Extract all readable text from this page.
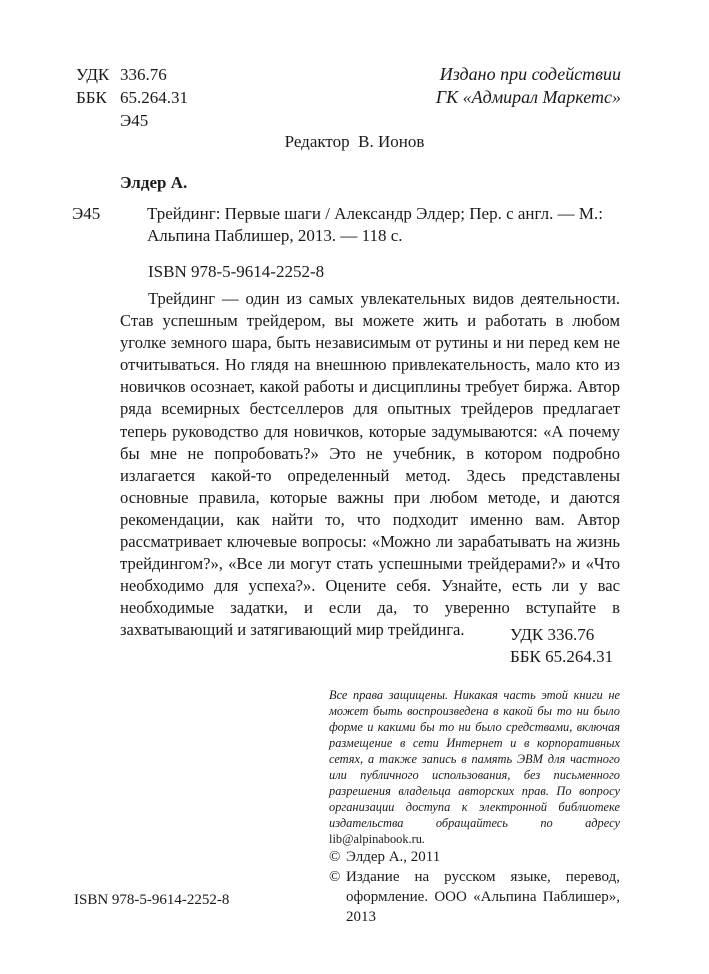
УДК 336.76
ББК 65.264.31
Э45
Издано при содействии
ГК «Адмирал Маркетс»
Редактор  В. Ионов
Элдер А.
Э45	Трейдинг: Первые шаги / Александр Элдер; Пер. с англ. — М.: Альпина Паблишер, 2013. — 118 с.
ISBN 978-5-9614-2252-8
Трейдинг — один из самых увлекательных видов деятельности. Став успешным трейдером, вы можете жить и работать в любом уголке земного шара, быть независимым от рутины и ни перед кем не отчитываться. Но глядя на внешнюю привлекательность, мало кто из новичков осознает, какой работы и дисциплины требует биржа. Автор ряда всемирных бестселлеров для опытных трейдеров предлагает теперь руководство для новичков, которые задумываются: «А почему бы мне не попробовать?» Это не учебник, в котором подробно излагается какой-то определенный метод. Здесь представлены основные правила, которые важны при любом методе, и даются рекомендации, как найти то, что подходит именно вам. Автор рассматривает ключевые вопросы: «Можно ли зарабатывать на жизнь трейдингом?», «Все ли могут стать успешными трейдерами?» и «Что необходимо для успеха?». Оцените себя. Узнайте, есть ли у вас необходимые задатки, и если да, то уверенно вступайте в захватывающий и затягивающий мир трейдинга.	УДК 336.76
ББК 65.264.31
Все права защищены. Никакая часть этой книги не может быть воспроизведена в какой бы то ни было форме и какими бы то ни было средствами, включая размещение в сети Интернет и в корпоративных сетях, а также запись в память ЭВМ для частного или публичного использования, без письменного разрешения владельца авторских прав. По вопросу организации доступа к электронной библиотеке издательства обращайтесь по адресу lib@alpinabook.ru.
© Элдер А., 2011
© Издание на русском языке, перевод, оформление. ООО «Альпина Паблишер», 2013
ISBN 978-5-9614-2252-8
